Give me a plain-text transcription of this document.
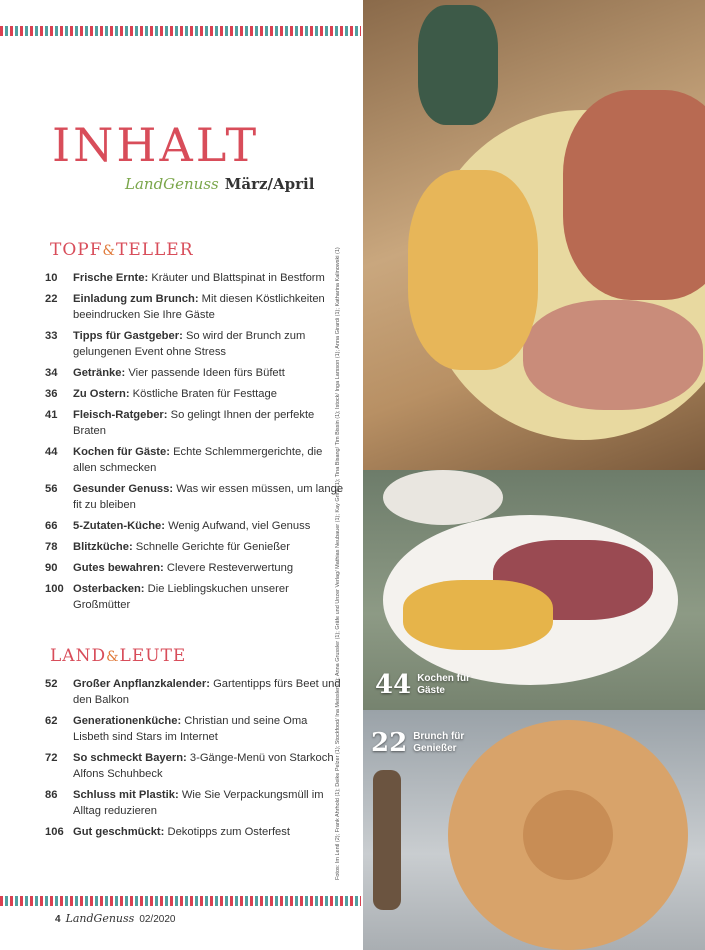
INHALT
LandGenuss März/April
TOPF&TELLER
10	Frische Ernte: Kräuter und Blattspinat in Bestform
22	Einladung zum Brunch: Mit diesen Köstlichkeiten beeindrucken Sie Ihre Gäste
33	Tipps für Gastgeber: So wird der Brunch zum gelungenen Event ohne Stress
34	Getränke: Vier passende Ideen fürs Büfett
36	Zu Ostern: Köstliche Braten für Festtage
41	Fleisch-Ratgeber: So gelingt Ihnen der perfekte Braten
44	Kochen für Gäste: Echte Schlemmergerichte, die allen schmecken
56	Gesunder Genuss: Was wir essen müssen, um lange fit zu bleiben
66	5-Zutaten-Küche: Wenig Aufwand, viel Genuss
78	Blitzküche: Schnelle Gerichte für Genießer
90	Gutes bewahren: Clevere Resteverwertung
100 Osterbacken: Die Lieblingskuchen unserer Großmütter
LAND&LEUTE
52	Großer Anpflanzkalender: Gartentipps fürs Beet und den Balkon
62	Generationenküche: Christian und seine Oma Lisbeth sind Stars im Internet
72	So schmeckt Bayern: 3-Gänge-Menü von Starkoch Alfons Schuhbeck
86	Schluss mit Plastik: Wie Sie Verpackungsmüll im Alltag reduzieren
106 Gut geschmückt: Dekotipps zum Osterfest	Fotos: Im Lentl (2); Frank Ahrhold (1); Deike Pelzer (1); Stockfood/ Ina Meissler (1); Anna Grussler (1); Gräfe und Unzer Verlag/ Mathias Neubauer (1); Kay Grins (1); Tina Bisang/ Tim Bissin (1); Istock/ Inga Larsson (1); Anna Girardi (1); Katharina Kalinowski (1)
4 LandGenuss 02/2020
44 Kochen für Gäste
22 Brunch für Genießer
